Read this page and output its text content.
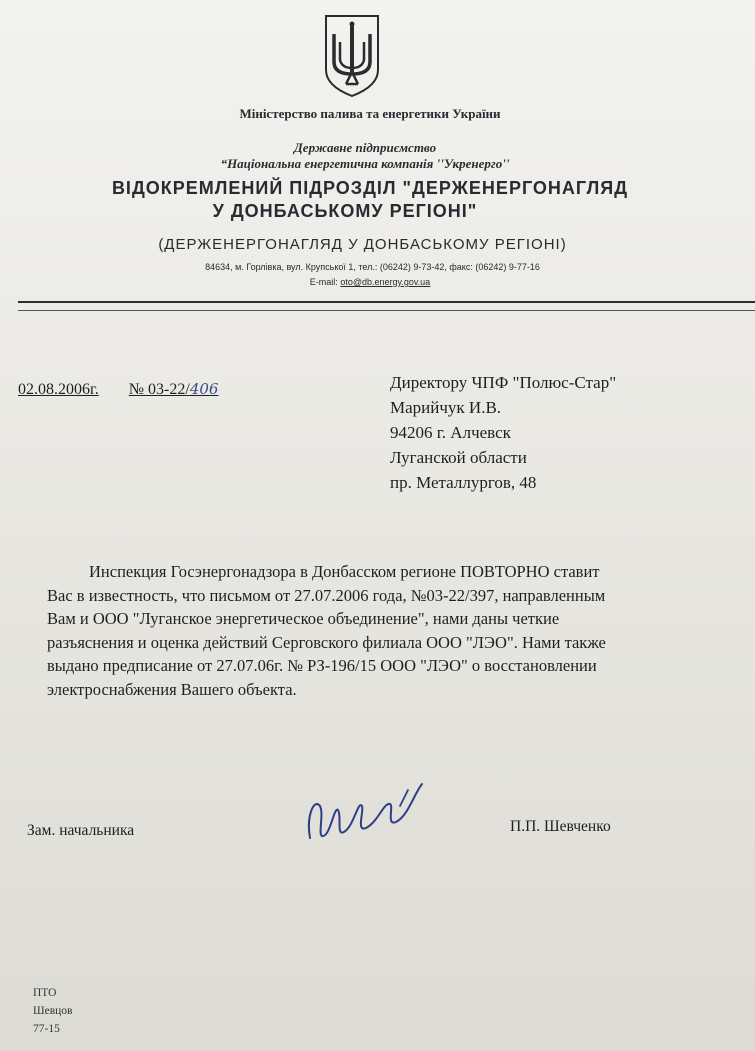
Міністерство палива та енергетики України
Державне підприємство
“Національна енергетична компанія ''Укренерго''
ВІДОКРЕМЛЕНИЙ ПІДРОЗДІЛ "ДЕРЖЕНЕРГОНАГЛЯД
У ДОНБАСЬКОМУ РЕГІОНІ"
(ДЕРЖЕНЕРГОНАГЛЯД У ДОНБАСЬКОМУ РЕГІОНІ)
84634, м. Горлівка, вул. Крупської 1, тел.: (06242) 9-73-42, факс: (06242) 9-77-16
E-mail: oto@db.energy.gov.ua
02.08.2006г. № 03-22/406	Директору ЧПФ "Полюс-Стар"
Марийчук И.В.
94206 г. Алчевск
Луганской области
пр. Металлургов, 48
Инспекция Госэнергонадзора в Донбасском регионе ПОВТОРНО ставит
Вас в известность, что письмом от 27.07.2006 года, №03-22/397, направленным
Вам и ООО "Луганское энергетическое объединение", нами даны четкие
разъяснения и оценка действий Серговского филиала ООО "ЛЭО". Нами также
выдано предписание от 27.07.06г. № РЗ-196/15 ООО "ЛЭО" о восстановлении
электроснабжения Вашего объекта.
Зам. начальника	П.П. Шевченко
ПТО
Шевцов
77-15
